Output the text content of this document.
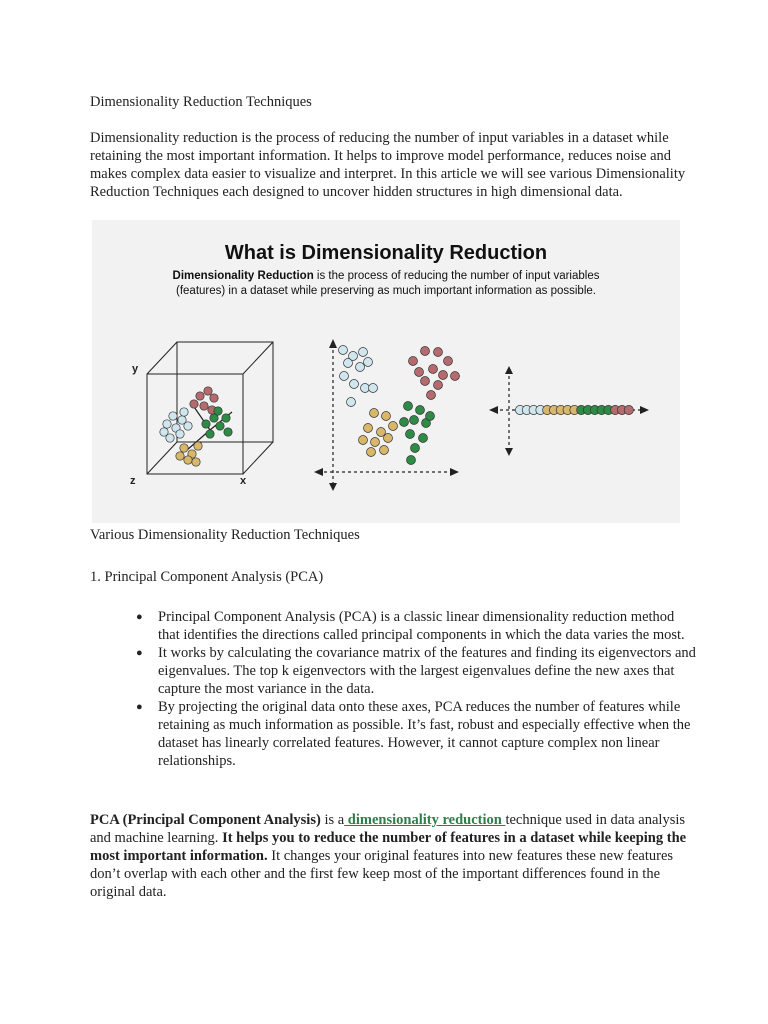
Dimensionality Reduction Techniques
Dimensionality reduction is the process of reducing the number of input variables in a dataset while retaining the most important information. It helps to improve model performance, reduces noise and makes complex data easier to visualize and interpret. In this article we will see various Dimensionality Reduction Techniques each designed to uncover hidden structures in high dimensional data.
What is Dimensionality Reduction
Dimensionality Reduction is the process of reducing the number of input variables
(features) in a dataset while preserving as much important information as possible.
y
z	x
Various Dimensionality Reduction Techniques
1. Principal Component Analysis (PCA)
● Principal Component Analysis (PCA) is a classic linear dimensionality reduction method that identifies the directions called principal components in which the data varies the most.
● It works by calculating the covariance matrix of the features and finding its eigenvectors and eigenvalues. The top k eigenvectors with the largest eigenvalues define the new axes that capture the most variance in the data.
● By projecting the original data onto these axes, PCA reduces the number of features while retaining as much information as possible. It’s fast, robust and especially effective when the dataset has linearly correlated features. However, it cannot capture complex non linear relationships.
PCA (Principal Component Analysis) is a dimensionality reduction technique used in data analysis and machine learning. It helps you to reduce the number of features in a dataset while keeping the most important information. It changes your original features into new features these new features don’t overlap with each other and the first few keep most of the important differences found in the original data.
